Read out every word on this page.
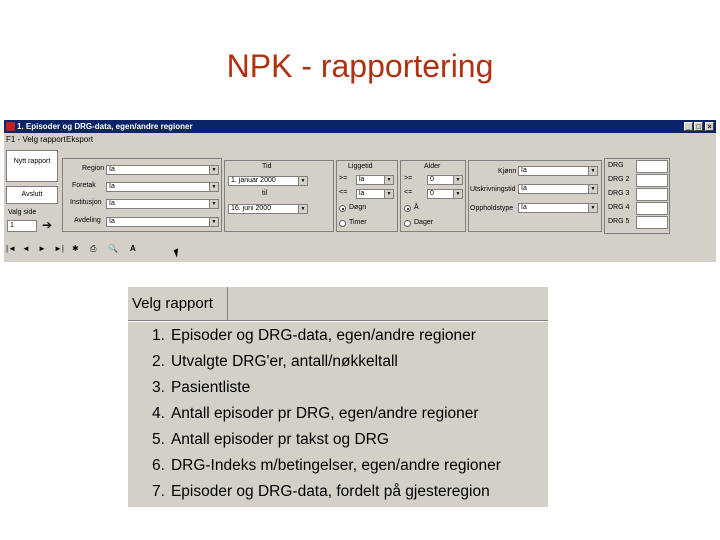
NPK - rapportering
1. Episoder og DRG-data, egen/andre regioner	_ □ ×
F1 - Velg rapport Eksport
Nytt rapport
Avslutt
Valg side
1	➔
Region Ia	▼
Foretak	Ia	▼
Institusjon	Ia	▼
Avdeling	Ia	▼
Tid
1. januar 2000	▼
til
16. juni 2000	▼
Liggetid
>=	la	▼
<=	la	▼
Døgn
Timer
Alder
>=	0	▼
<=	0	▼
Å
Dager
Kjønn Ia	▼
Utskrivningstid Ia	▼
Oppholdstype	Ia	▼
DRG
DRG 2
DRG 3
DRG 4
DRG 5
|◄ ◄ ► ►| ✱ ⎙ 🔍 A
Velg rapport
1. Episoder og DRG-data, egen/andre regioner
2. Utvalgte DRG'er, antall/nøkkeltall
3. Pasientliste
4. Antall episoder pr DRG, egen/andre regioner
5. Antall episoder pr takst og DRG
6. DRG-Indeks m/betingelser, egen/andre regioner
7. Episoder og DRG-data, fordelt på gjesteregion
